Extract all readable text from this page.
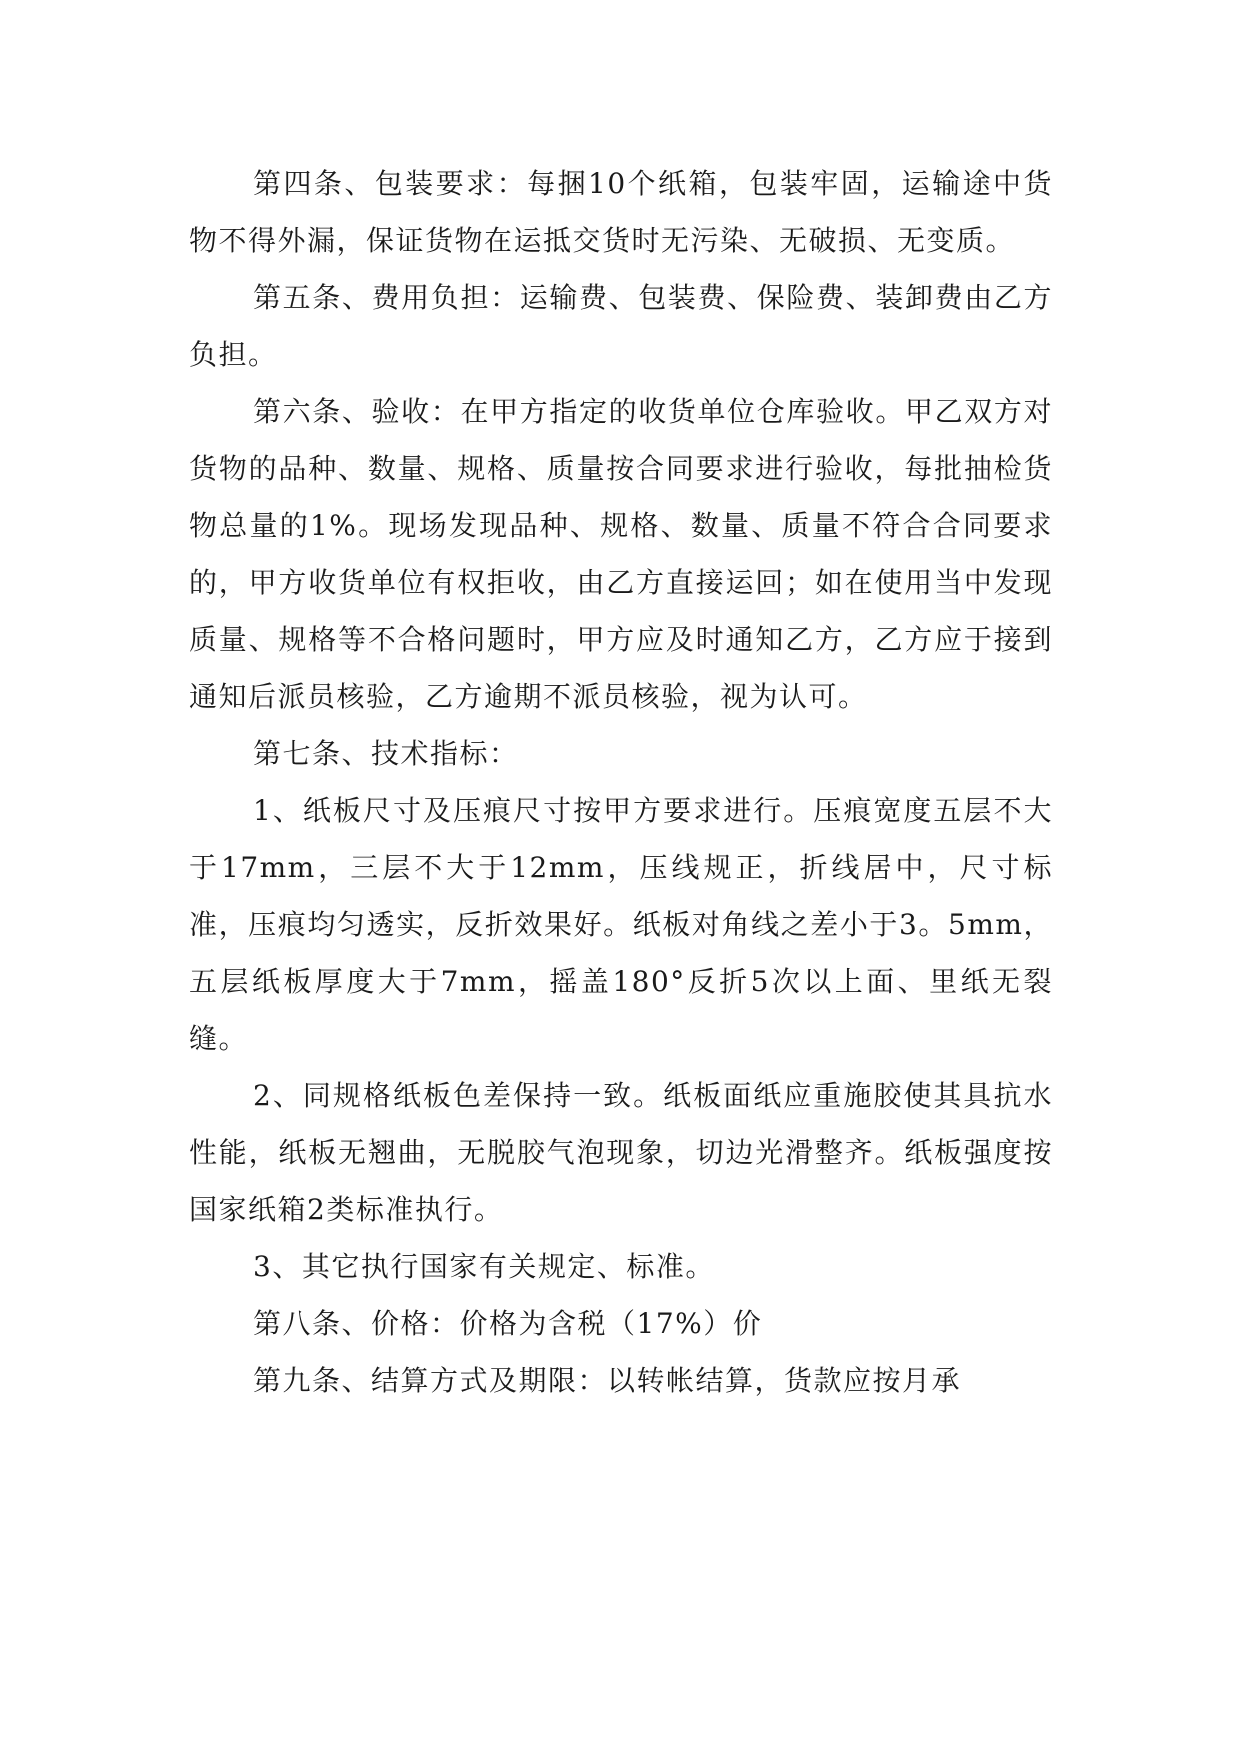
第四条、包装要求：每捆10个纸箱，包装牢固，运输途中货物不得外漏，保证货物在运抵交货时无污染、无破损、无变质。

第五条、费用负担：运输费、包装费、保险费、装卸费由乙方负担。

第六条、验收：在甲方指定的收货单位仓库验收。甲乙双方对货物的品种、数量、规格、质量按合同要求进行验收，每批抽检货物总量的1%。现场发现品种、规格、数量、质量不符合合同要求的，甲方收货单位有权拒收，由乙方直接运回；如在使用当中发现质量、规格等不合格问题时，甲方应及时通知乙方，乙方应于接到通知后派员核验，乙方逾期不派员核验，视为认可。

第七条、技术指标：

1、纸板尺寸及压痕尺寸按甲方要求进行。压痕宽度五层不大于17mm，三层不大于12mm，压线规正，折线居中，尺寸标准，压痕均匀透实，反折效果好。纸板对角线之差小于3。5mm，五层纸板厚度大于7mm，摇盖180°反折5次以上面、里纸无裂缝。

2、同规格纸板色差保持一致。纸板面纸应重施胶使其具抗水性能，纸板无翘曲，无脱胶气泡现象，切边光滑整齐。纸板强度按国家纸箱2类标准执行。

3、其它执行国家有关规定、标准。

第八条、价格：价格为含税（17%）价

第九条、结算方式及期限：以转帐结算，货款应按月承
